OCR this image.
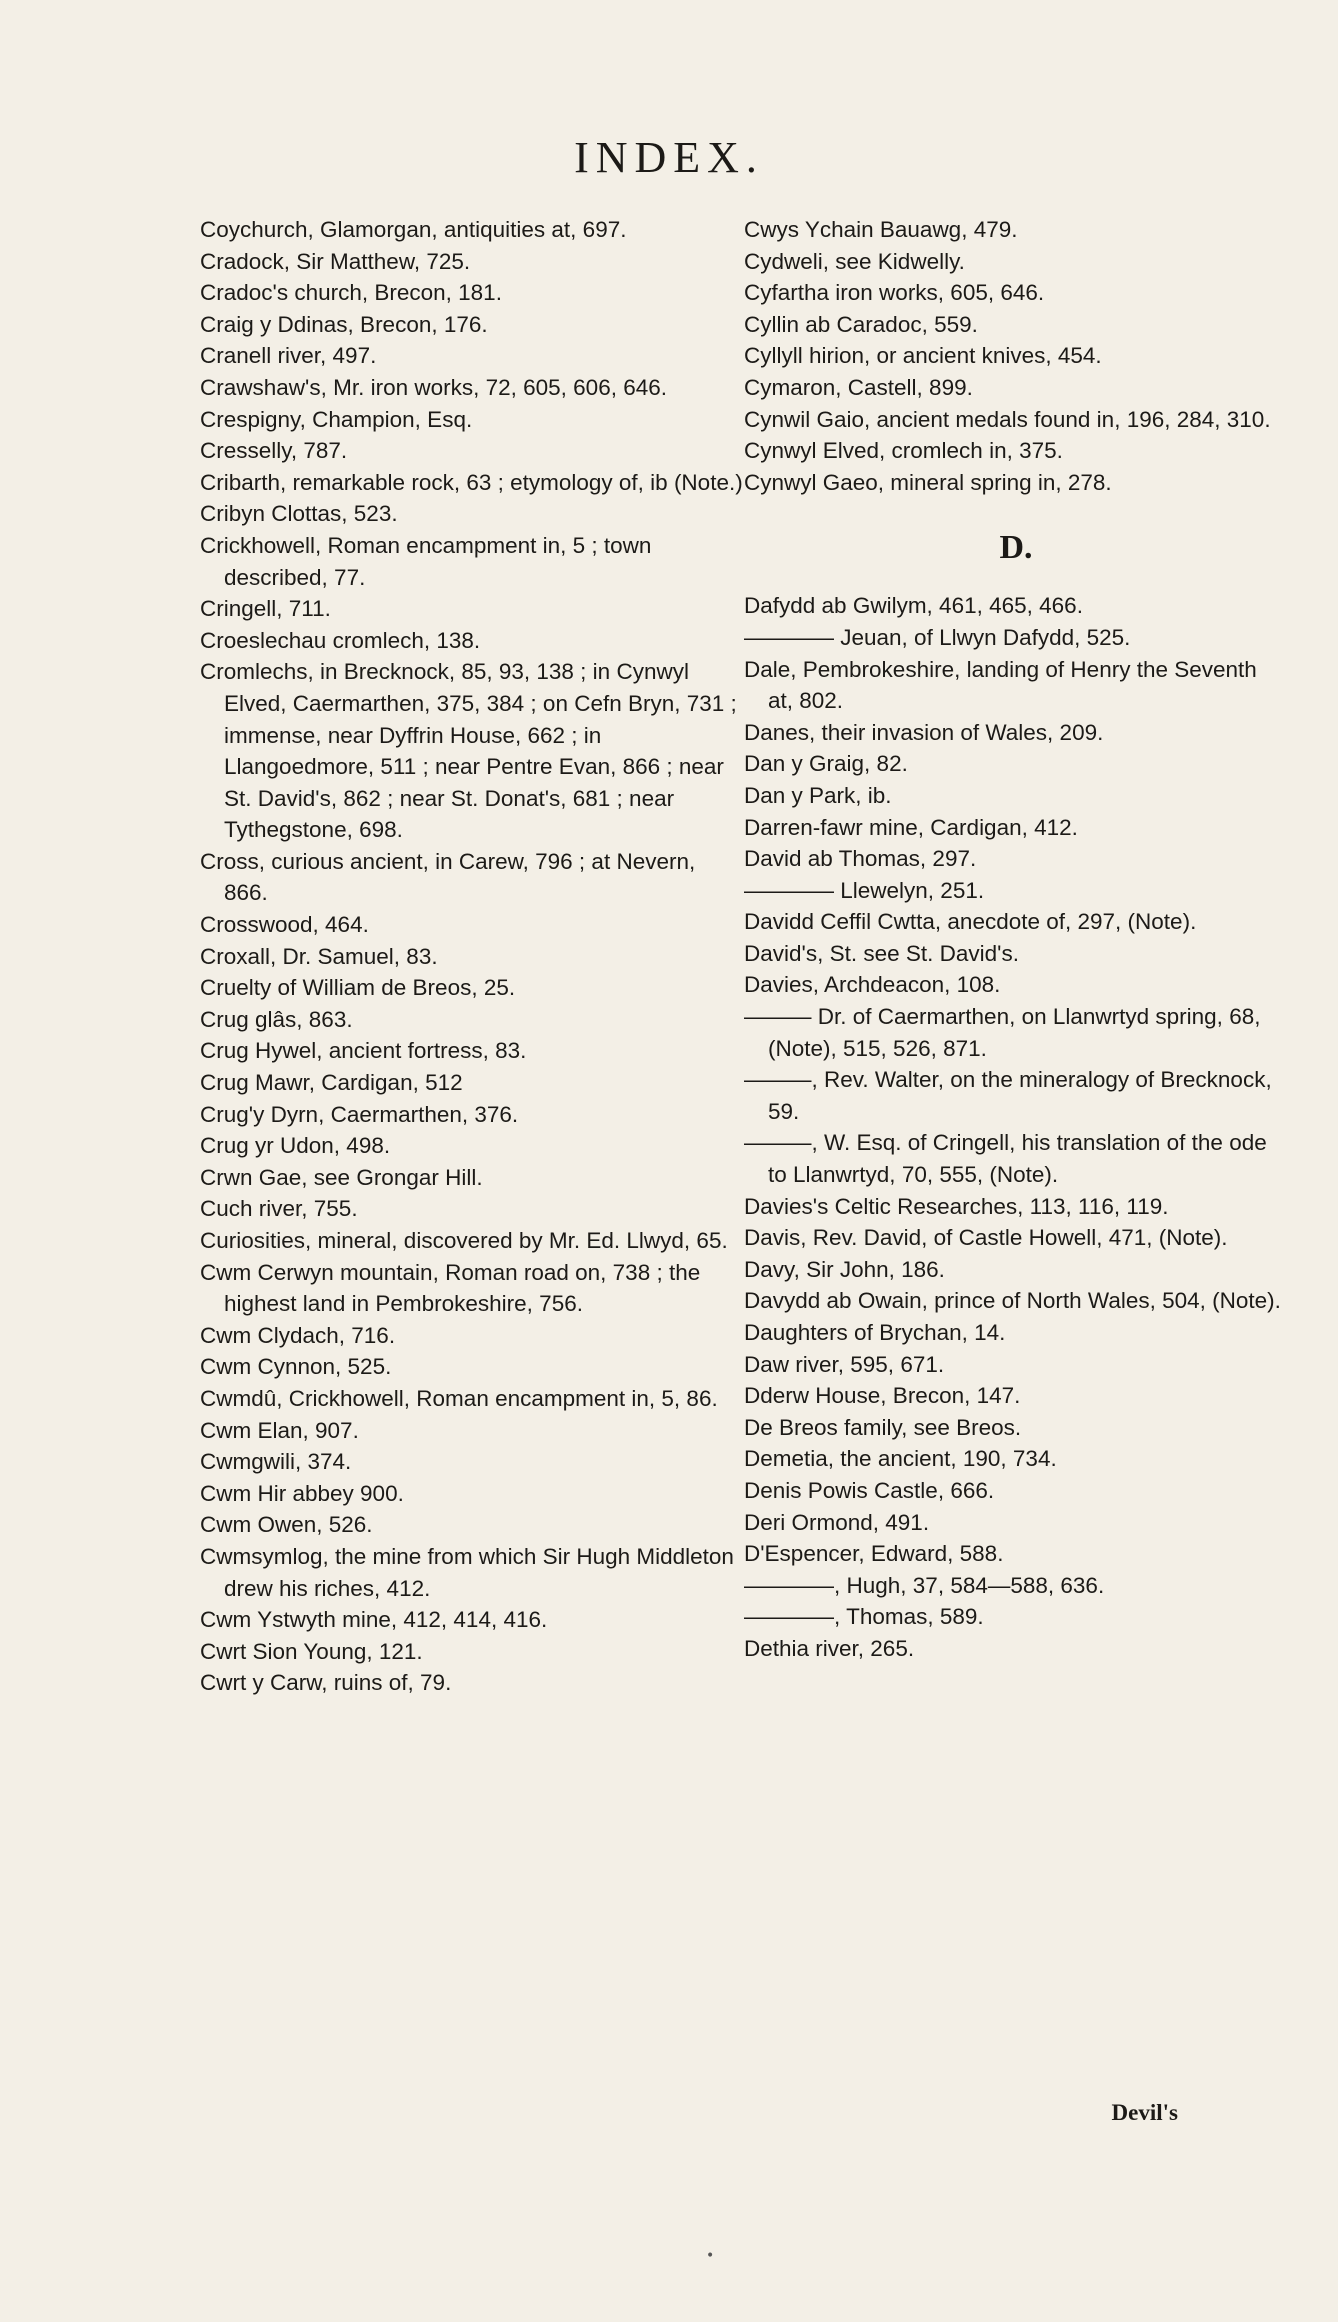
INDEX.
Coychurch, Glamorgan, antiquities at, 697.
Cradock, Sir Matthew, 725.
Cradoc's church, Brecon, 181.
Craig y Ddinas, Brecon, 176.
Cranell river, 497.
Crawshaw's, Mr. iron works, 72, 605, 606, 646.
Crespigny, Champion, Esq.
Cresselly, 787.
Cribarth, remarkable rock, 63 ; etymology of, ib (Note.)
Cribyn Clottas, 523.
Crickhowell, Roman encampment in, 5 ; town described, 77.
Cringell, 711.
Croeslechau cromlech, 138.
Cromlechs, in Brecknock, 85, 93, 138 ; in Cynwyl Elved, Caermarthen, 375, 384 ; on Cefn Bryn, 731 ; immense, near Dyffrin House, 662 ; in Llangoedmore, 511 ; near Pentre Evan, 866 ; near St. David's, 862 ; near St. Donat's, 681 ; near Tythegstone, 698.
Cross, curious ancient, in Carew, 796 ; at Nevern, 866.
Crosswood, 464.
Croxall, Dr. Samuel, 83.
Cruelty of William de Breos, 25.
Crug glâs, 863.
Crug Hywel, ancient fortress, 83.
Crug Mawr, Cardigan, 512
Crug'y Dyrn, Caermarthen, 376.
Crug yr Udon, 498.
Crwn Gae, see Grongar Hill.
Cuch river, 755.
Curiosities, mineral, discovered by Mr. Ed. Llwyd, 65.
Cwm Cerwyn mountain, Roman road on, 738 ; the highest land in Pembrokeshire, 756.
Cwm Clydach, 716.
Cwm Cynnon, 525.
Cwmdû, Crickhowell, Roman encampment in, 5, 86.
Cwm Elan, 907.
Cwmgwili, 374.
Cwm Hir abbey 900.
Cwm Owen, 526.
Cwmsymlog, the mine from which Sir Hugh Middleton drew his riches, 412.
Cwm Ystwyth mine, 412, 414, 416.
Cwrt Sion Young, 121.
Cwrt y Carw, ruins of, 79.
Cwys Ychain Bauawg, 479.
Cydweli, see Kidwelly.
Cyfartha iron works, 605, 646.
Cyllin ab Caradoc, 559.
Cyllyll hirion, or ancient knives, 454.
Cymaron, Castell, 899.
Cynwil Gaio, ancient medals found in, 196, 284, 310.
Cynwyl Elved, cromlech in, 375.
Cynwyl Gaeo, mineral spring in, 278.
D.
Dafydd ab Gwilym, 461, 465, 466.
———— Jeuan, of Llwyn Dafydd, 525.
Dale, Pembrokeshire, landing of Henry the Seventh at, 802.
Danes, their invasion of Wales, 209.
Dan y Graig, 82.
Dan y Park, ib.
Darren-fawr mine, Cardigan, 412.
David ab Thomas, 297.
———— Llewelyn, 251.
Davidd Ceffil Cwtta, anecdote of, 297, (Note).
David's, St. see St. David's.
Davies, Archdeacon, 108.
——— Dr. of Caermarthen, on Llanwrtyd spring, 68, (Note), 515, 526, 871.
———, Rev. Walter, on the mineralogy of Brecknock, 59.
———, W. Esq. of Cringell, his translation of the ode to Llanwrtyd, 70, 555, (Note).
Davies's Celtic Researches, 113, 116, 119.
Davis, Rev. David, of Castle Howell, 471, (Note).
Davy, Sir John, 186.
Davydd ab Owain, prince of North Wales, 504, (Note).
Daughters of Brychan, 14.
Daw river, 595, 671.
Dderw House, Brecon, 147.
De Breos family, see Breos.
Demetia, the ancient, 190, 734.
Denis Powis Castle, 666.
Deri Ormond, 491.
D'Espencer, Edward, 588.
————, Hugh, 37, 584—588, 636.
————, Thomas, 589.
Dethia river, 265.
Devil's
•
